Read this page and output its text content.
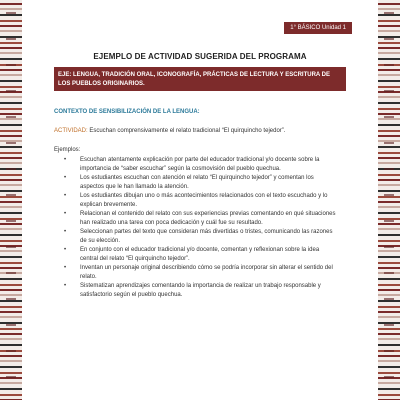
1° BÁSICO Unidad 1
EJEMPLO DE ACTIVIDAD SUGERIDA DEL PROGRAMA
EJE: LENGUA, TRADICIÓN ORAL, ICONOGRAFÍA, PRÁCTICAS DE LECTURA Y ESCRITURA DE LOS PUEBLOS ORIGINARIOS.
CONTEXTO DE SENSIBILIZACIÓN DE LA LENGUA:
ACTIVIDAD: Escuchan comprensivamente el relato tradicional “El quirquincho tejedor”.
Ejemplos:
• Escuchan atentamente explicación por parte del educador tradicional y/o docente sobre la importancia de “saber escuchar” según la cosmovisión del pueblo quechua.
• Los estudiantes escuchan con atención el relato “El quirquincho tejedor” y comentan los aspectos que le han llamado la atención.
• Los estudiantes dibujan uno o más acontecimientos relacionados con el texto escuchado y lo explican brevemente.
• Relacionan el contenido del relato con sus experiencias previas comentando en qué situaciones han realizado una tarea con poca dedicación y cuál fue su resultado.
• Seleccionan partes del texto que consideran más divertidas o tristes, comunicando las razones de su elección.
• En conjunto con el educador tradicional y/o docente, comentan y reflexionan sobre la idea central del relato “El quirquincho tejedor”.
• Inventan un personaje original describiendo cómo se podría incorporar sin alterar el sentido del relato.
• Sistematizan aprendizajes comentando la importancia de realizar un trabajo responsable y satisfactorio según el pueblo quechua.
